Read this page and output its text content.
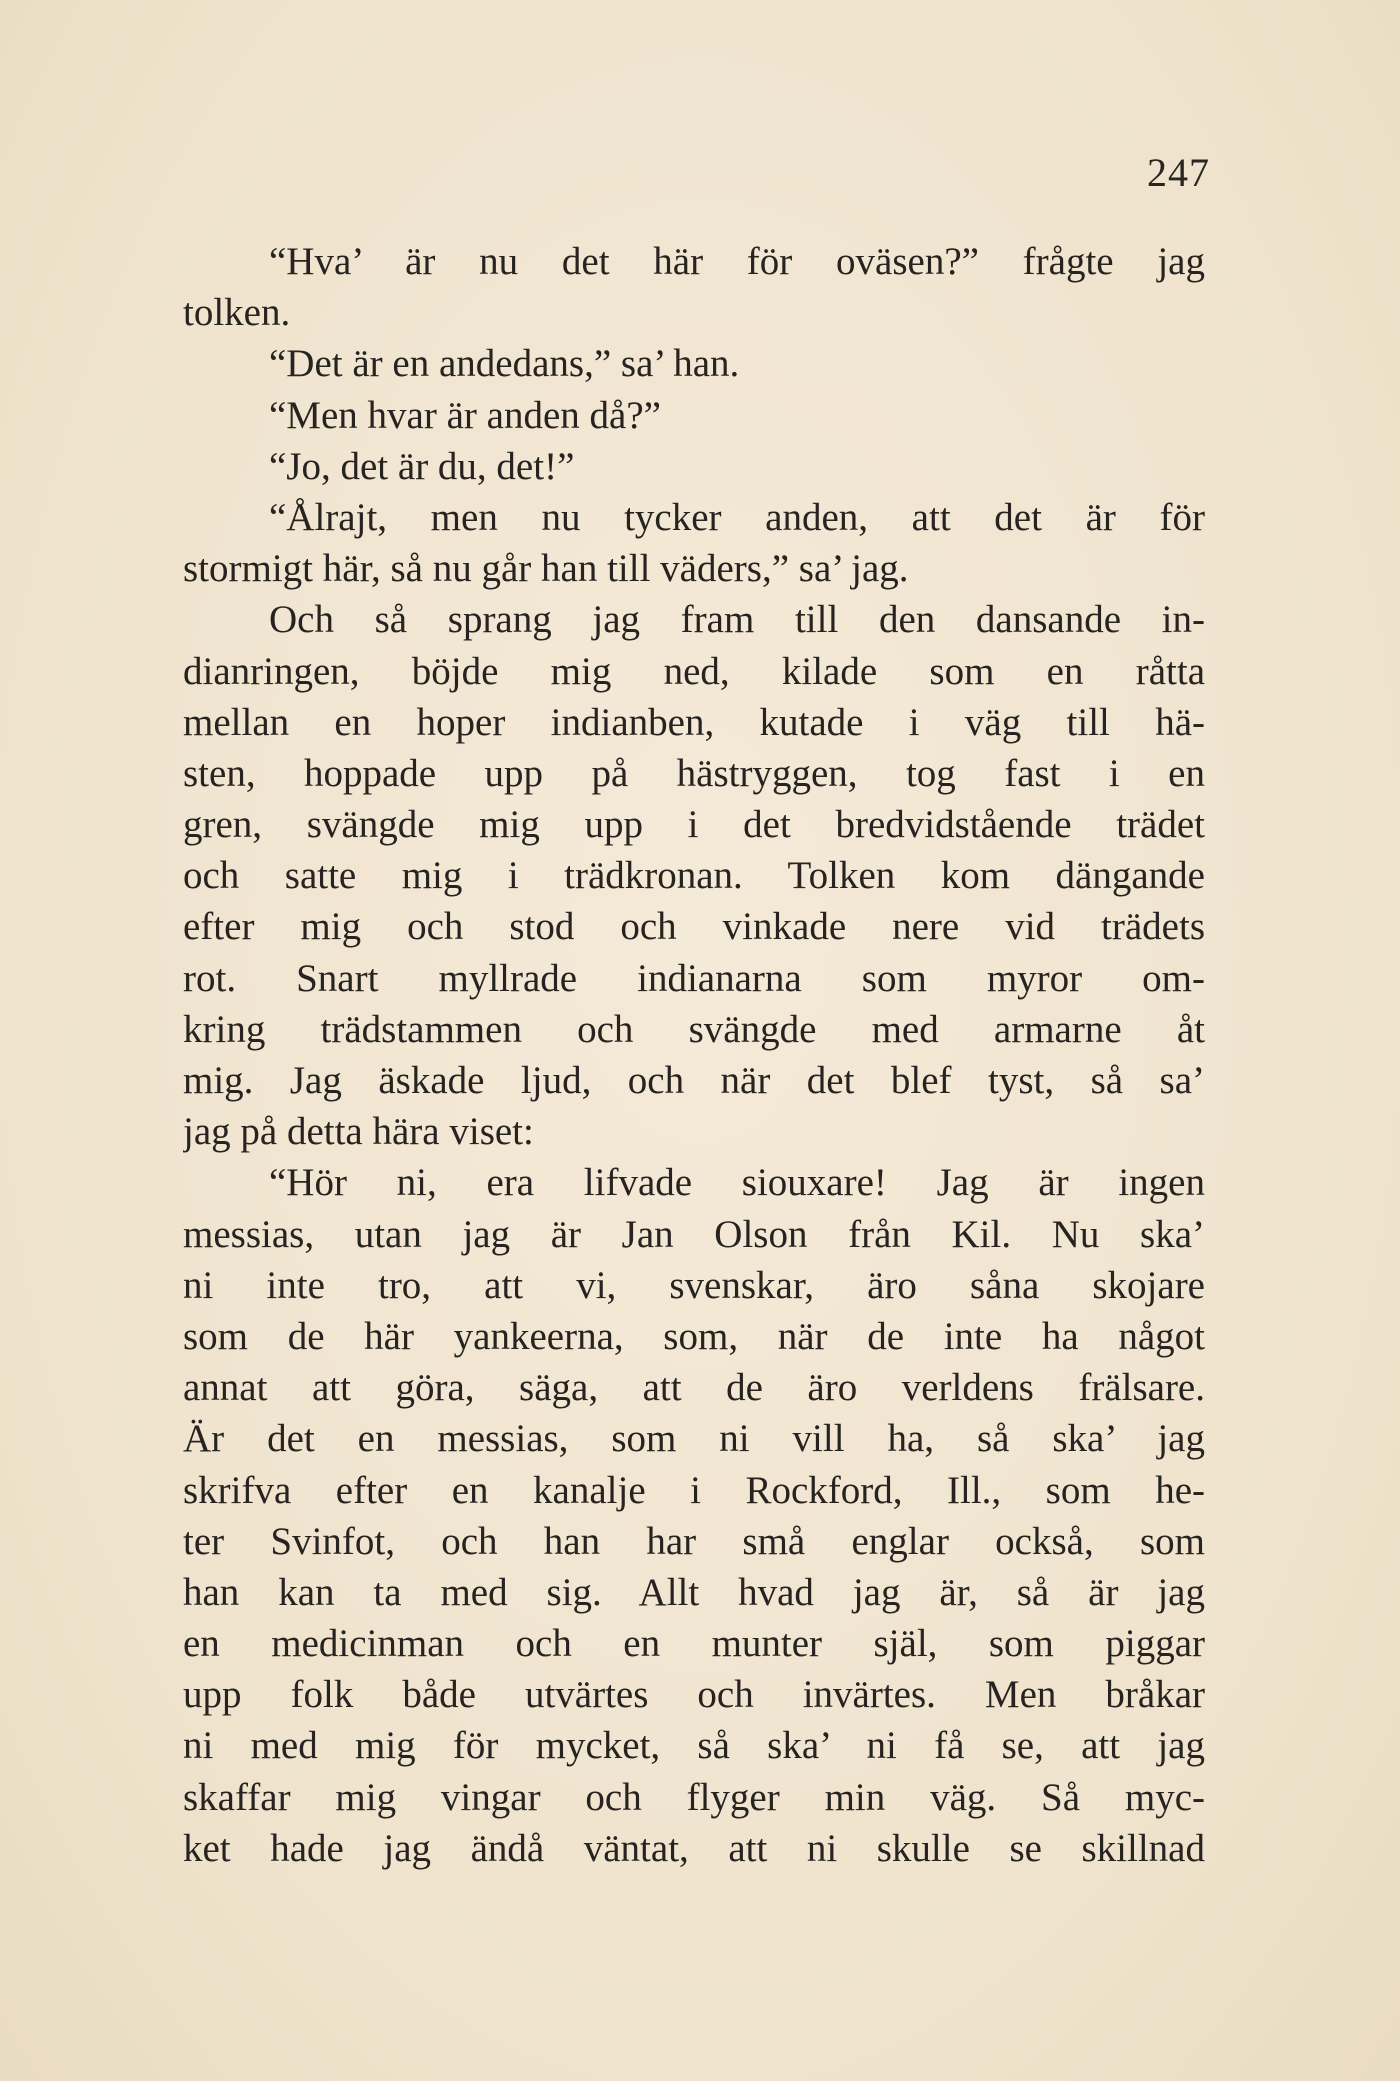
247
“Hva’ är nu det här för oväsen?” frågte jag
tolken.
“Det är en andedans,” sa’ han.
“Men hvar är anden då?”
“Jo, det är du, det!”
“Ålrajt, men nu tycker anden, att det är för
stormigt här, så nu går han till väders,” sa’ jag.
Och så sprang jag fram till den dansande in-
dianringen, böjde mig ned, kilade som en råtta
mellan en hoper indianben, kutade i väg till hä-
sten, hoppade upp på hästryggen, tog fast i en
gren, svängde mig upp i det bredvidstående trädet
och satte mig i trädkronan. Tolken kom dängande
efter mig och stod och vinkade nere vid trädets
rot. Snart myllrade indianarna som myror om-
kring trädstammen och svängde med armarne åt
mig. Jag äskade ljud, och när det blef tyst, så sa’
jag på detta hära viset:
“Hör ni, era lifvade siouxare! Jag är ingen
messias, utan jag är Jan Olson från Kil. Nu ska’
ni inte tro, att vi, svenskar, äro såna skojare
som de här yankeerna, som, när de inte ha något
annat att göra, säga, att de äro verldens frälsare.
Är det en messias, som ni vill ha, så ska’ jag
skrifva efter en kanalje i Rockford, Ill., som he-
ter Svinfot, och han har små englar också, som
han kan ta med sig. Allt hvad jag är, så är jag
en medicinman och en munter själ, som piggar
upp folk både utvärtes och invärtes. Men bråkar
ni med mig för mycket, så ska’ ni få se, att jag
skaffar mig vingar och flyger min väg. Så myc-
ket hade jag ändå väntat, att ni skulle se skillnad
